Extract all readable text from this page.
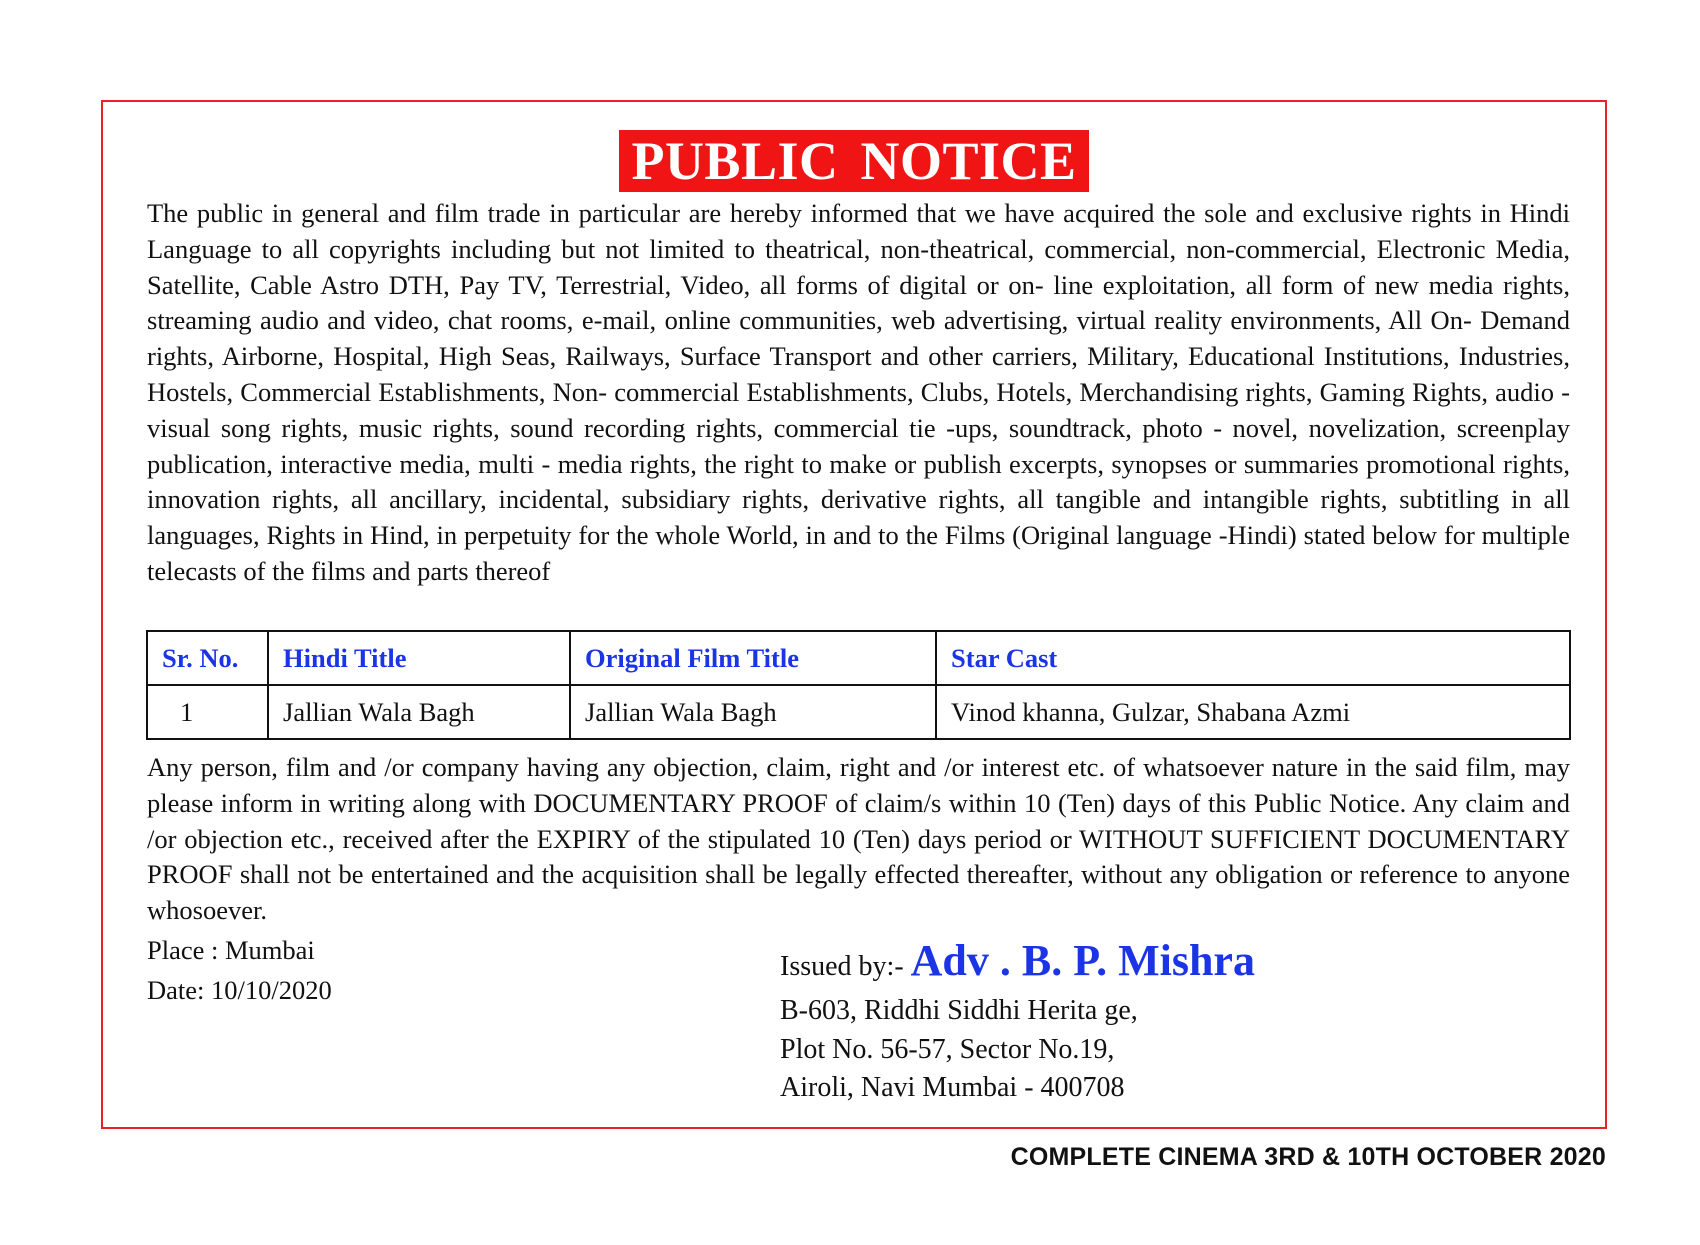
PUBLIC NOTICE

The public in general and film trade in particular are hereby informed that we have acquired the sole and exclusive rights in Hindi Language to all copyrights including but not limited to theatrical, non-theatrical, commercial, non-commercial, Electronic Media, Satellite, Cable Astro DTH, Pay TV, Terrestrial, Video, all forms of digital or on- line exploitation, all form of new media rights, streaming audio and video, chat rooms, e-mail, online communities, web advertising, virtual reality environments, All On- Demand rights, Airborne, Hospital, High Seas, Railways, Surface Transport and other carriers, Military, Educational Institutions, Industries, Hostels, Commercial Establishments, Non- commercial Establishments, Clubs, Hotels, Merchandising rights, Gaming Rights, audio - visual song rights, music rights, sound recording rights, commercial tie -ups, soundtrack, photo - novel, novelization, screenplay publication, interactive media, multi - media rights, the right to make or publish excerpts, synopses or summaries promotional rights, innovation rights, all ancillary, incidental, subsidiary rights, derivative rights, all tangible and intangible rights, subtitling in all languages, Rights in Hind, in perpetuity for the whole World, in and to the Films (Original language -Hindi) stated below for multiple telecasts of the films and parts thereof

Sr. No.	Hindi Title	Original Film Title	Star Cast
1	Jallian Wala Bagh	Jallian Wala Bagh	Vinod khanna, Gulzar, Shabana Azmi

Any person, film and /or company having any objection, claim, right and /or interest etc. of whatsoever nature in the said film, may please inform in writing along with DOCUMENTARY PROOF of claim/s within 10 (Ten) days of this Public Notice. Any claim and /or objection etc., received after the EXPIRY of the stipulated 10 (Ten) days period or WITHOUT SUFFICIENT DOCUMENTARY PROOF shall not be entertained and the acquisition shall be legally effected thereafter, without any obligation or reference to anyone whosoever.

Place : Mumbai
Date: 10/10/2020
Issued by:- Adv . B. P. Mishra
B-603, Riddhi Siddhi Herita ge,
Plot No. 56-57, Sector No.19,
Airoli, Navi Mumbai - 400708
COMPLETE CINEMA 3RD & 10TH OCTOBER 2020
